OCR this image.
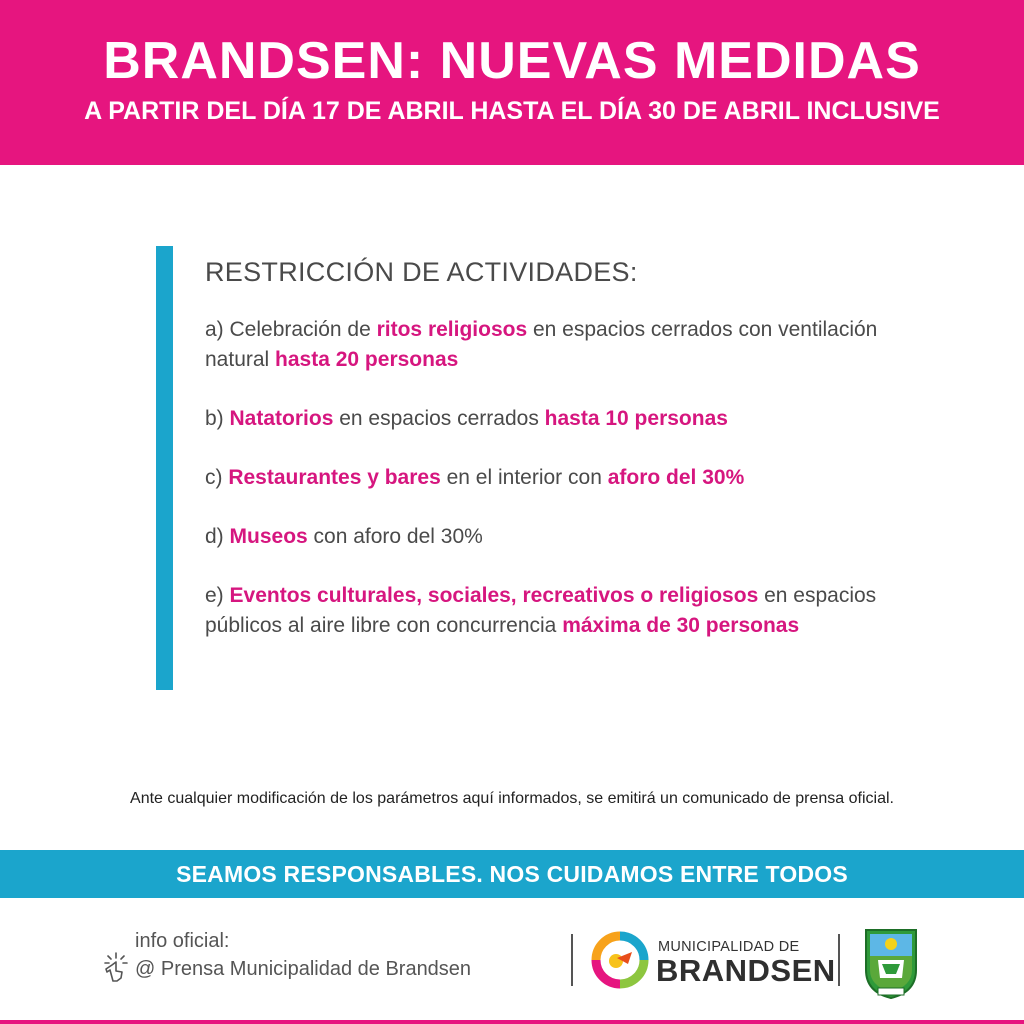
BRANDSEN: NUEVAS MEDIDAS
A PARTIR DEL DÍA 17 DE ABRIL HASTA EL DÍA 30 DE ABRIL INCLUSIVE
RESTRICCIÓN DE ACTIVIDADES:

a) Celebración de ritos religiosos en espacios cerrados con ventilación natural hasta 20 personas

b) Natatorios en espacios cerrados hasta 10 personas

c) Restaurantes y bares en el interior con aforo del 30%

d) Museos con aforo del 30%

e) Eventos culturales, sociales, recreativos o religiosos en espacios públicos al aire libre con concurrencia máxima de 30 personas

Ante cualquier modificación de los parámetros aquí informados, se emitirá un comunicado de prensa oficial.
SEAMOS RESPONSABLES. NOS CUIDAMOS ENTRE TODOS
info oficial:
@ Prensa Municipalidad de Brandsen
MUNICIPALIDAD DE
BRANDSEN
